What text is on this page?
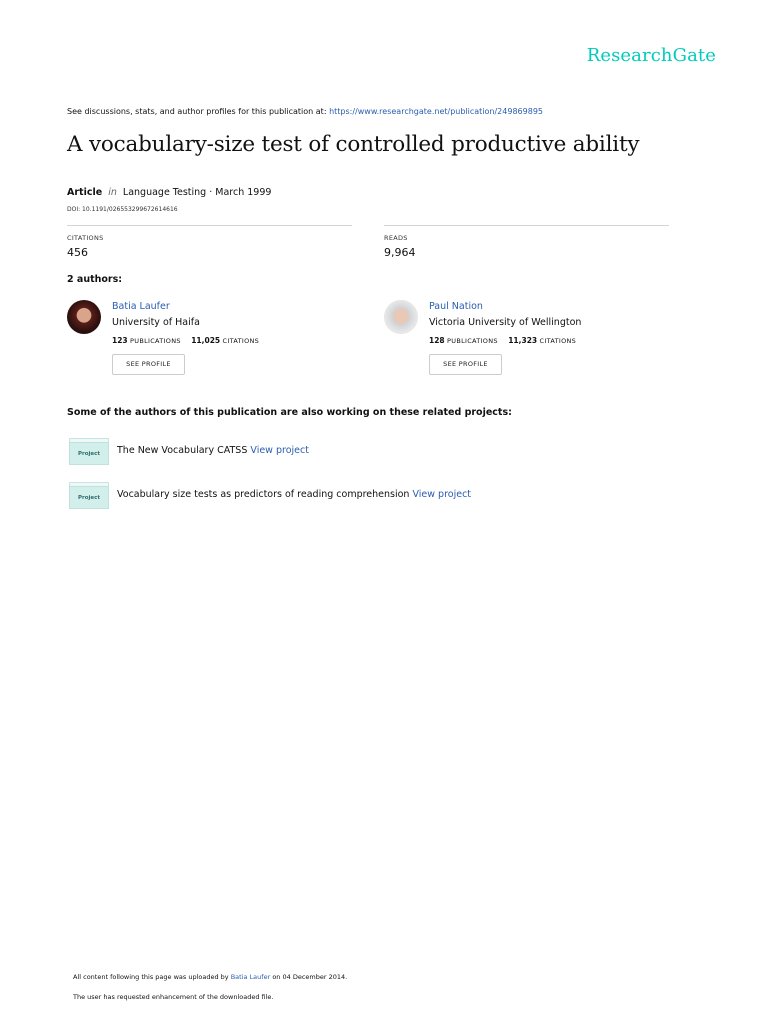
ResearchGate
See discussions, stats, and author profiles for this publication at: https://www.researchgate.net/publication/249869895
A vocabulary-size test of controlled productive ability
Article in Language Testing · March 1999
DOI: 10.1191/026553299672614616
CITATIONS
456
READS
9,964
2 authors:
Batia Laufer
University of Haifa
123 PUBLICATIONS 11,025 CITATIONS
SEE PROFILE
Paul Nation
Victoria University of Wellington
128 PUBLICATIONS 11,323 CITATIONS
SEE PROFILE
Some of the authors of this publication are also working on these related projects:
Project	The New Vocabulary CATSS View project
Project	Vocabulary size tests as predictors of reading comprehension View project
All content following this page was uploaded by Batia Laufer on 04 December 2014.
The user has requested enhancement of the downloaded file.
